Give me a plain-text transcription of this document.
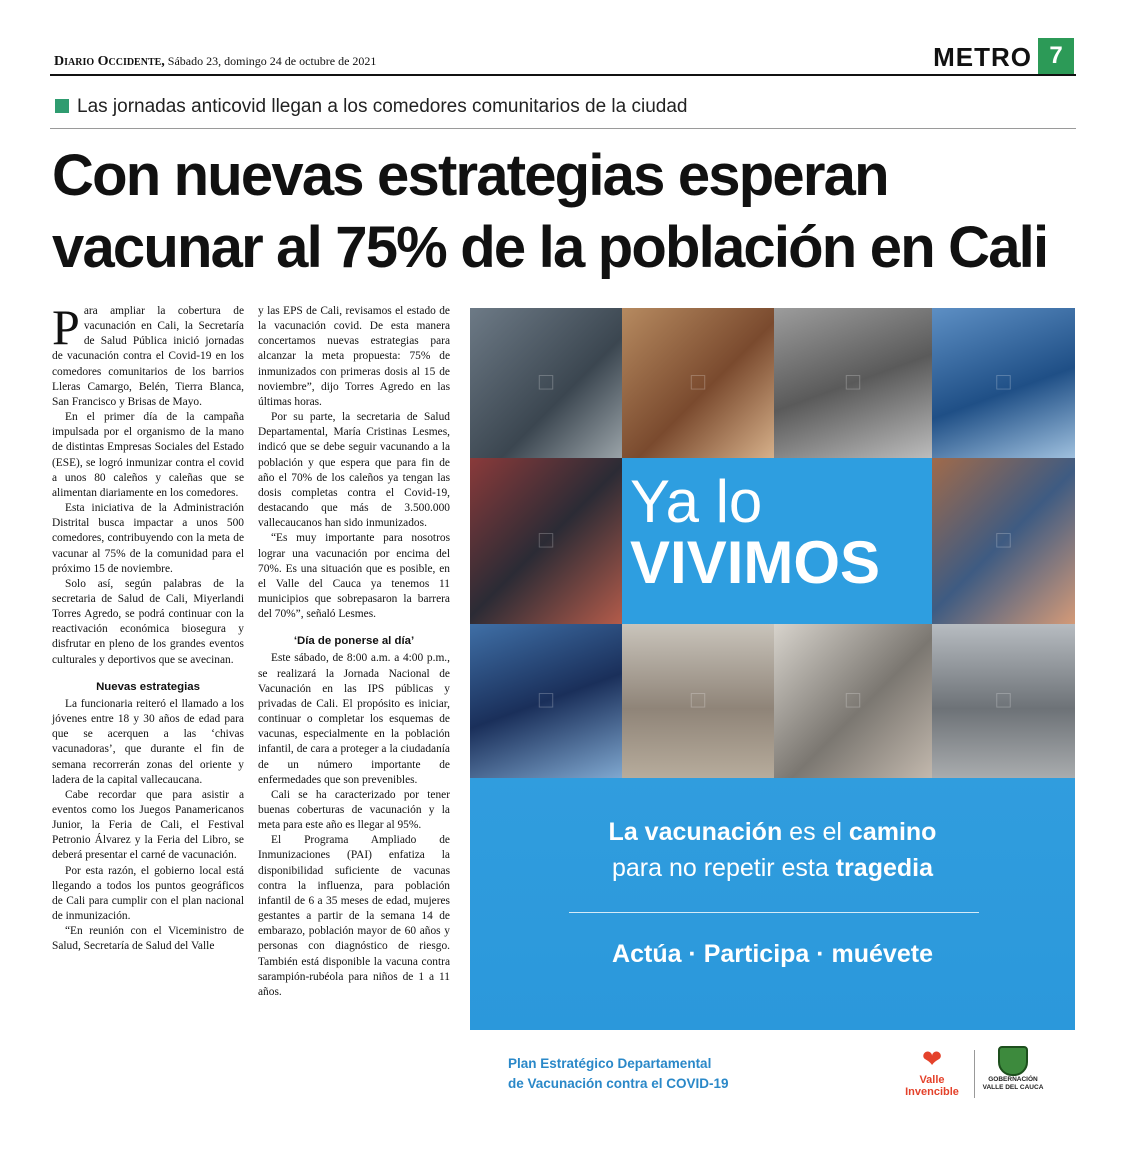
Diario Occidente, Sábado 23, domingo 24 de octubre de 2021	METRO 7
Las jornadas anticovid llegan a los comedores comunitarios de la ciudad
Con nuevas estrategias esperan
vacunar al 75% de la población en Cali

Para ampliar la cobertura de vacunación en Cali, la Secretaría de Salud Pública inició jornadas de vacunación contra el Covid-19 en los comedores comunitarios de los barrios Lleras Camargo, Belén, Tierra Blanca, San Francisco y Brisas de Mayo.

En el primer día de la campaña impulsada por el organismo de la mano de distintas Empresas Sociales del Estado (ESE), se logró inmunizar contra el covid a unos 80 caleños y caleñas que se alimentan diariamente en los comedores.

Esta iniciativa de la Administración Distrital busca impactar a unos 500 comedores, contribuyendo con la meta de vacunar al 75% de la comunidad para el próximo 15 de noviembre.

Solo así, según palabras de la secretaria de Salud de Cali, Miyerlandi Torres Agredo, se podrá continuar con la reactivación económica biosegura y disfrutar en pleno de los grandes eventos culturales y deportivos que se avecinan.

Nuevas estrategias

La funcionaria reiteró el llamado a los jóvenes entre 18 y 30 años de edad para que se acerquen a las ‘chivas vacunadoras’, que durante el fin de semana recorrerán zonas del oriente y ladera de la capital vallecaucana.

Cabe recordar que para asistir a eventos como los Juegos Panamericanos Junior, la Feria de Cali, el Festival Petronio Álvarez y la Feria del Libro, se deberá presentar el carné de vacunación.

Por esta razón, el gobierno local está llegando a todos los puntos geográficos de Cali para cumplir con el plan nacional de inmunización.

“En reunión con el Viceministro de Salud, Secretaría de Salud del Valle

y las EPS de Cali, revisamos el estado de la vacunación covid. De esta manera concertamos nuevas estrategias para alcanzar la meta propuesta: 75% de inmunizados con primeras dosis al 15 de noviembre”, dijo Torres Agredo en las últimas horas.

Por su parte, la secretaria de Salud Departamental, María Cristinas Lesmes, indicó que se debe seguir vacunando a la población y que espera que para fin de año el 70% de los caleños ya tengan las dosis completas contra el Covid-19, destacando que más de 3.500.000 vallecaucanos han sido inmunizados.

“Es muy importante para nosotros lograr una vacunación por encima del 70%. Es una situación que es posible, en el Valle del Cauca ya tenemos 11 municipios que sobrepasaron la barrera del 70%”, señaló Lesmes.

‘Día de ponerse al día’

Este sábado, de 8:00 a.m. a 4:00 p.m., se realizará la Jornada Nacional de Vacunación en las IPS públicas y privadas de Cali. El propósito es iniciar, continuar o completar los esquemas de vacunas, especialmente en la población infantil, de cara a proteger a la ciudadanía de un número importante de enfermedades que son prevenibles.

Cali se ha caracterizado por tener buenas coberturas de vacunación y la meta para este año es llegar al 95%.

El Programa Ampliado de Inmunizaciones (PAI) enfatiza la disponibilidad suficiente de vacunas contra la influenza, para población infantil de 6 a 35 meses de edad, mujeres gestantes a partir de la semana 14 de embarazo, población mayor de 60 años y personas con diagnóstico de riesgo. También está disponible la vacuna contra sarampión-rubéola para niños de 1 a 11 años.

□	□	□	□
□
Ya lo
VIVIMOS	□
□	□	□	□
La vacunación es el camino
para no repetir esta tragedia
Actúa · Participa · muévete
Plan Estratégico Departamental
de Vacunación contra el COVID-19
❤
Valle
Invencible
GOBERNACIÓN
VALLE DEL CAUCA
